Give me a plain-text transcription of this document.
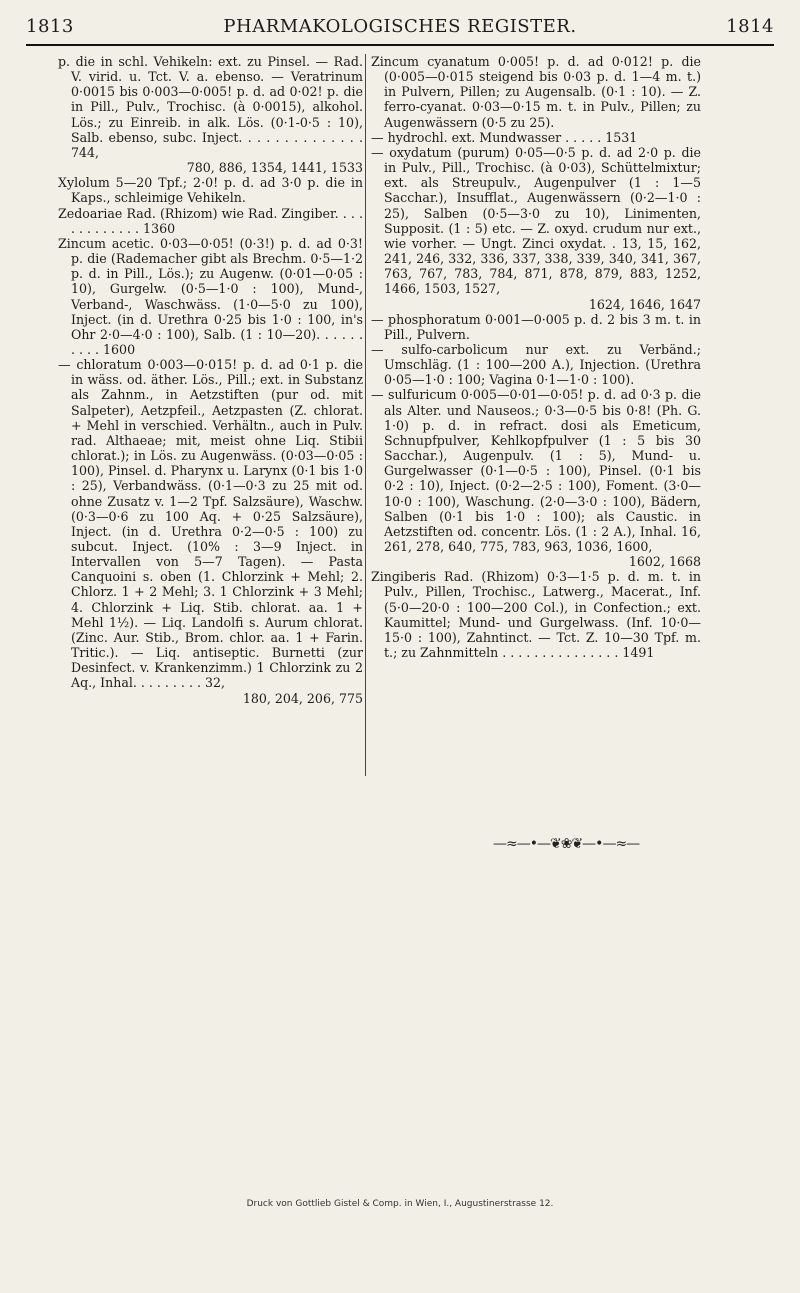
1813	PHARMAKOLOGISCHES REGISTER.	1814

p. die in schl. Vehikeln: ext. zu Pinsel. — Rad. V. virid. u. Tct. V. a. ebenso. — Veratrinum 0·0015 bis 0·003—0·005! p. d. ad 0·02! p. die in Pill., Pulv., Trochisc. (à 0·0015), alkohol. Lös.; zu Einreib. in alk. Lös. (0·1-0·5 : 10), Salb. ebenso, subc. Inject. . . . . . . . . . . . . . 744,

780, 886, 1354, 1441, 1533

Xylolum 5—20 Tpf.; 2·0! p. d. ad 3·0 p. die in Kaps., schleimige Vehikeln.

Zedoariae Rad. (Rhizom) wie Rad. Zingiber. . . . . . . . . . . . . 1360

Zincum acetic. 0·03—0·05! (0·3!) p. d. ad 0·3! p. die (Rademacher gibt als Brechm. 0·5—1·2 p. d. in Pill., Lös.); zu Augenw. (0·01—0·05 : 10), Gurgelw. (0·5—1·0 : 100), Mund-, Verband-, Waschwäss. (1·0—5·0 zu 100), Inject. (in d. Urethra 0·25 bis 1·0 : 100, in's Ohr 2·0—4·0 : 100), Salb. (1 : 10—20). . . . . . . . . . 1600

— chloratum 0·003—0·015! p. d. ad 0·1 p. die in wäss. od. äther. Lös., Pill.; ext. in Substanz als Zahnm., in Aetzstiften (pur od. mit Salpeter), Aetzpfeil., Aetzpasten (Z. chlorat. + Mehl in verschied. Verhältn., auch in Pulv. rad. Althaeae; mit, meist ohne Liq. Stibii chlorat.); in Lös. zu Augenwäss. (0·03—0·05 : 100), Pinsel. d. Pharynx u. Larynx (0·1 bis 1·0 : 25), Verbandwäss. (0·1—0·3 zu 25 mit od. ohne Zusatz v. 1—2 Tpf. Salzsäure), Waschw. (0·3—0·6 zu 100 Aq. + 0·25 Salzsäure), Inject. (in d. Urethra 0·2—0·5 : 100) zu subcut. Inject. (10% : 3—9 Inject. in Intervallen von 5—7 Tagen). — Pasta Canquoini s. oben (1. Chlorzink + Mehl; 2. Chlorz. 1 + 2 Mehl; 3. 1 Chlorzink + 3 Mehl; 4. Chlorzink + Liq. Stib. chlorat. aa. 1 + Mehl 1½). — Liq. Landolfi s. Aurum chlorat. (Zinc. Aur. Stib., Brom. chlor. aa. 1 + Farin. Tritic.). — Liq. antiseptic. Burnetti (zur Desinfect. v. Krankenzimm.) 1 Chlorzink zu 2 Aq., Inhal. . . . . . . . . 32,

180, 204, 206, 775

Zincum cyanatum 0·005! p. d. ad 0·012! p. die (0·005—0·015 steigend bis 0·03 p. d. 1—4 m. t.) in Pulvern, Pillen; zu Augensalb. (0·1 : 10). — Z. ferro-cyanat. 0·03—0·15 m. t. in Pulv., Pillen; zu Augenwässern (0·5 zu 25).

— hydrochl. ext. Mundwasser . . . . . 1531

— oxydatum (purum) 0·05—0·5 p. d. ad 2·0 p. die in Pulv., Pill., Trochisc. (à 0·03), Schüttelmixtur; ext. als Streupulv., Augenpulver (1 : 1—5 Sacchar.), Insufflat., Augenwässern (0·2—1·0 : 25), Salben (0·5—3·0 zu 10), Linimenten, Supposit. (1 : 5) etc. — Z. oxyd. crudum nur ext., wie vorher. — Ungt. Zinci oxydat. . 13, 15, 162, 241, 246, 332, 336, 337, 338, 339, 340, 341, 367, 763, 767, 783, 784, 871, 878, 879, 883, 1252, 1466, 1503, 1527,

1624, 1646, 1647

— phosphoratum 0·001—0·005 p. d. 2 bis 3 m. t. in Pill., Pulvern.

— sulfo-carbolicum nur ext. zu Verbänd.; Umschläg. (1 : 100—200 A.), Injection. (Urethra 0·05—1·0 : 100; Vagina 0·1—1·0 : 100).

— sulfuricum 0·005—0·01—0·05! p. d. ad 0·3 p. die als Alter. und Nauseos.; 0·3—0·5 bis 0·8! (Ph. G. 1·0) p. d. in refract. dosi als Emeticum, Schnupfpulver, Kehlkopfpulver (1 : 5 bis 30 Sacchar.), Augenpulv. (1 : 5), Mund- u. Gurgelwasser (0·1—0·5 : 100), Pinsel. (0·1 bis 0·2 : 10), Inject. (0·2—2·5 : 100), Foment. (3·0—10·0 : 100), Waschung. (2·0—3·0 : 100), Bädern, Salben (0·1 bis 1·0 : 100); als Caustic. in Aetzstiften od. concentr. Lös. (1 : 2 A.), Inhal. 16, 261, 278, 640, 775, 783, 963, 1036, 1600,

1602, 1668

Zingiberis Rad. (Rhizom) 0·3—1·5 p. d. m. t. in Pulv., Pillen, Trochisc., Latwerg., Macerat., Inf. (5·0—20·0 : 100—200 Col.), in Confection.; ext. Kaumittel; Mund- und Gurgelwass. (Inf. 10·0—15·0 : 100), Zahntinct. — Tct. Z. 10—30 Tpf. m. t.; zu Zahnmitteln . . . . . . . . . . . . . . . 1491

—≈—•—❦❀❦—•—≈—
Druck von Gottlieb Gistel & Comp. in Wien, I., Augustinerstrasse 12.
